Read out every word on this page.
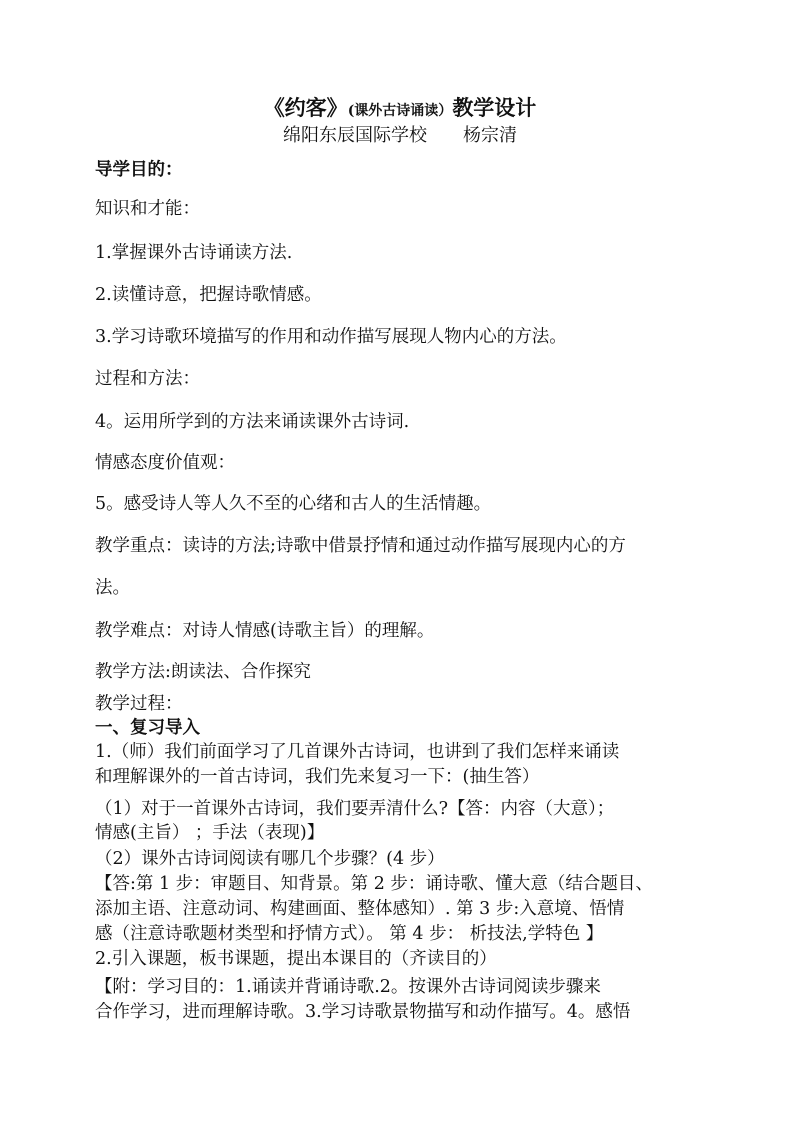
《约客》(课外古诗诵读）教学设计
绵阳东辰国际学校 杨宗清
导学目的：
知识和才能：
1.掌握课外古诗诵读方法.
2.读懂诗意，把握诗歌情感。
3.学习诗歌环境描写的作用和动作描写展现人物内心的方法。
过程和方法：
4。运用所学到的方法来诵读课外古诗词.
情感态度价值观：
5。感受诗人等人久不至的心绪和古人的生活情趣。
教学重点：读诗的方法;诗歌中借景抒情和通过动作描写展现内心的方
法。
教学难点：对诗人情感(诗歌主旨）的理解。
教学方法:朗读法、合作探究
教学过程：
一、复习导入
1.（师）我们前面学习了几首课外古诗词，也讲到了我们怎样来诵读
和理解课外的一首古诗词，我们先来复习一下：(抽生答）
（1）对于一首课外古诗词，我们要弄清什么?【答：内容（大意）；
情感(主旨） ；手法（表现)】
（2）课外古诗词阅读有哪几个步骤？(4 步）
【答:第 1 步：审题目、知背景。第 2 步：诵诗歌、懂大意（结合题目、
添加主语、注意动词、构建画面、整体感知）. 第 3 步:入意境、悟情
感（注意诗歌题材类型和抒情方式）。 第 4 步： 析技法,学特色 】
2.引入课题，板书课题，提出本课目的（齐读目的）
【附：学习目的：1.诵读并背诵诗歌.2。按课外古诗词阅读步骤来
合作学习，进而理解诗歌。3.学习诗歌景物描写和动作描写。4。感悟
